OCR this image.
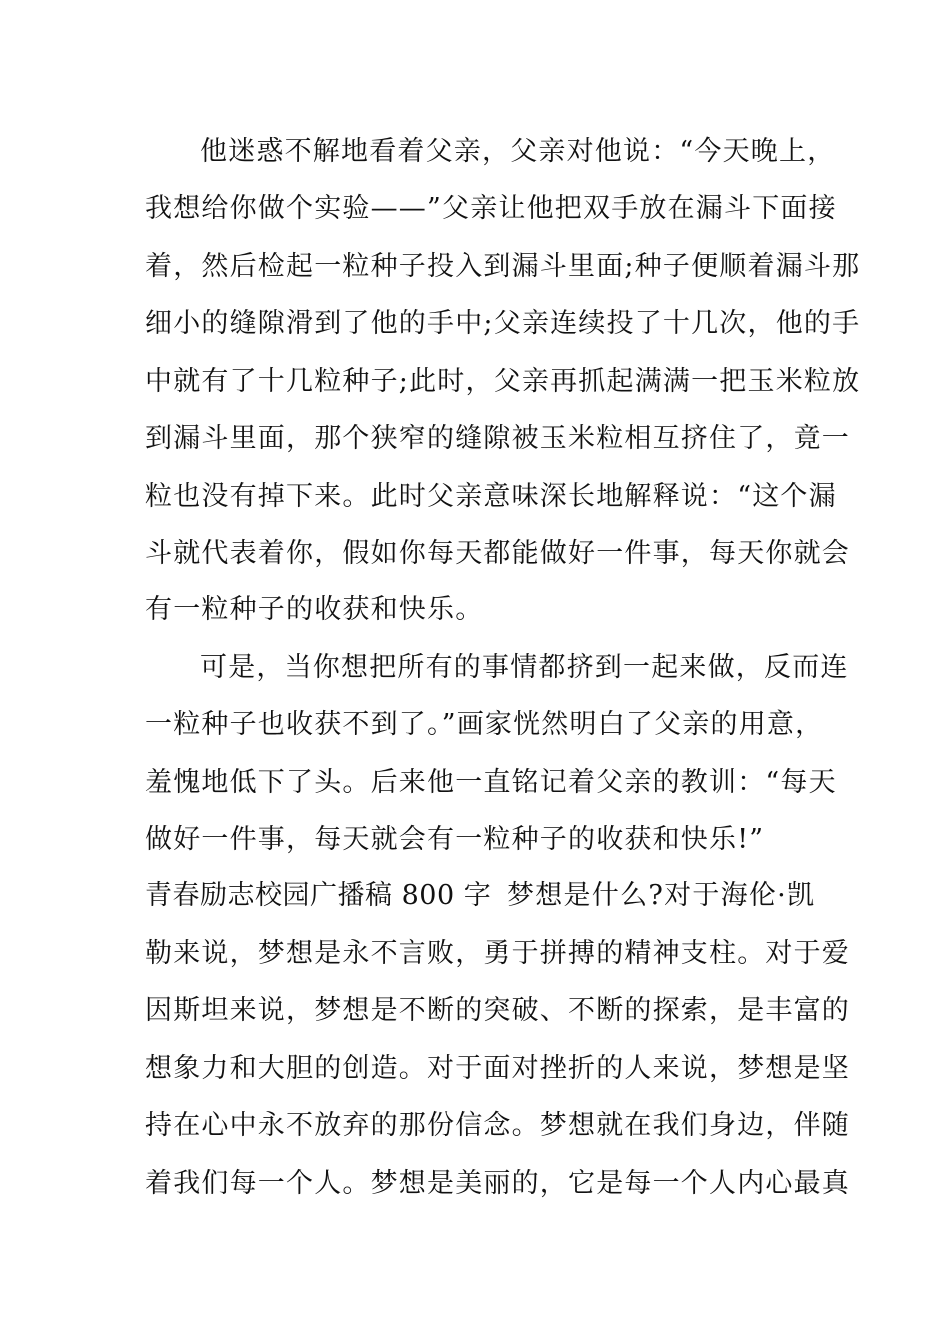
他迷惑不解地看着父亲，父亲对他说：“今天晚上，
我想给你做个实验——”父亲让他把双手放在漏斗下面接
着，然后检起一粒种子投入到漏斗里面;种子便顺着漏斗那
细小的缝隙滑到了他的手中;父亲连续投了十几次，他的手
中就有了十几粒种子;此时，父亲再抓起满满一把玉米粒放
到漏斗里面，那个狭窄的缝隙被玉米粒相互挤住了，竟一
粒也没有掉下来。此时父亲意味深长地解释说：“这个漏
斗就代表着你，假如你每天都能做好一件事，每天你就会
有一粒种子的收获和快乐。
可是，当你想把所有的事情都挤到一起来做，反而连
一粒种子也收获不到了。”画家恍然明白了父亲的用意，
羞愧地低下了头。后来他一直铭记着父亲的教训：“每天
做好一件事，每天就会有一粒种子的收获和快乐!”
青春励志校园广播稿 800 字 梦想是什么?对于海伦·凯
勒来说，梦想是永不言败，勇于拼搏的精神支柱。对于爱
因斯坦来说，梦想是不断的突破、不断的探索，是丰富的
想象力和大胆的创造。对于面对挫折的人来说，梦想是坚
持在心中永不放弃的那份信念。梦想就在我们身边，伴随
着我们每一个人。梦想是美丽的，它是每一个人内心最真
